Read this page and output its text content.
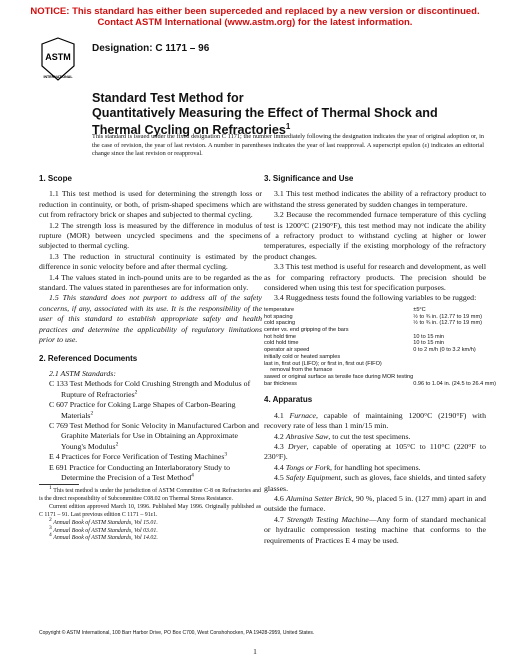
NOTICE: This standard has either been superceded and replaced by a new version or discontinued.
Contact ASTM International (www.astm.org) for the latest information.
ASTM
INTERNATIONAL
Designation: C 1171 – 96
Standard Test Method for
Quantitatively Measuring the Effect of Thermal Shock and
Thermal Cycling on Refractories$^1$
This standard is issued under the fixed designation C 1171; the number immediately following the designation indicates the year of original adoption or, in the case of revision, the year of last revision. A number in parentheses indicates the year of last reapproval. A superscript epsilon (ε) indicates an editorial change since the last revision or reapproval.
1. Scope

1.1 This test method is used for determining the strength loss or reduction in continuity, or both, of prism-shaped specimens which are cut from refractory brick or shapes and subjected to thermal cycling.

1.2 The strength loss is measured by the difference in modulus of rupture (MOR) between uncycled specimens and the specimens subjected to thermal cycling.

1.3 The reduction in structural continuity is estimated by the difference in sonic velocity before and after thermal cycling.

1.4 The values stated in inch-pound units are to be regarded as the standard. The values stated in parentheses are for information only.

1.5 This standard does not purport to address all of the safety concerns, if any, associated with its use. It is the responsibility of the user of this standard to establish appropriate safety and health practices and determine the applicability of regulatory limitations prior to use.

2. Referenced Documents

2.1 ASTM Standards:

C 133 Test Methods for Cold Crushing Strength and Modulus of Rupture of Refractories$^2$

C 607 Practice for Coking Large Shapes of Carbon-Bearing Materials$^2$

C 769 Test Method for Sonic Velocity in Manufactured Carbon and Graphite Materials for Use in Obtaining an Approximate Young's Modulus$^2$

E 4 Practices for Force Verification of Testing Machines$^3$

E 691 Practice for Conducting an Interlaboratory Study to Determine the Precision of a Test Method$^4$

3. Significance and Use

3.1 This test method indicates the ability of a refractory product to withstand the stress generated by sudden changes in temperature.

3.2 Because the recommended furnace temperature of this cycling test is 1200°C (2190°F), this test method may not indicate the ability of a refractory product to withstand cycling at higher or lower temperatures, especially if the existing morphology of the refractory product changes.

3.3 This test method is useful for research and development, as well as for comparing refractory products. The precision should be considered when using this test for specification purposes.

3.4 Ruggedness tests found the following variables to be rugged:

temperature	±5°C
hot spacing	½ to ¾ in. (12.77 to 19 mm)
cold spacing	½ to ¾ in. (12.77 to 19 mm)
center vs. end gripping of the bars	
hot hold time	10 to 15 min
cold hold time	10 to 15 min
operator air speed	0 to 2 m/h (0 to 3.2 km/h)
initially cold or heated samples	
last in, first out (LIFO); or first in, first out (FIFO)	
removal from the furnace	
sawed or original surface as tensile face during MOR testing	
bar thickness	0.96 to 1.04 in. (24.5 to 26.4 mm)
4. Apparatus

4.1 Furnace, capable of maintaining 1200°C (2190°F) with recovery rate of less than 1 min/15 min.

4.2 Abrasive Saw, to cut the test specimens.

4.3 Dryer, capable of operating at 105°C to 110°C (220°F to 230°F).

4.4 Tongs or Fork, for handling hot specimens.

4.5 Safety Equipment, such as gloves, face shields, and tinted safety glasses.

4.6 Alumina Setter Brick, 90 %, placed 5 in. (127 mm) apart in and outside the furnace.

4.7 Strength Testing Machine—Any form of standard mechanical or hydraulic compression testing machine that conforms to the requirements of Practices E 4 may be used.

1 This test method is under the jurisdiction of ASTM Committee C-8 on Refractories and is the direct responsibility of Subcommittee C08.02 on Thermal Stress Resistance.
Current edition approved March 10, 1996. Published May 1996. Originally published as C 1171 – 91. Last previous edition C 1171 – 91ε1.
2 Annual Book of ASTM Standards, Vol 15.01.
3 Annual Book of ASTM Standards, Vol 03.01.
4 Annual Book of ASTM Standards, Vol 14.02.
Copyright © ASTM International, 100 Barr Harbor Drive, PO Box C700, West Conshohocken, PA 19428-2959, United States.
1
